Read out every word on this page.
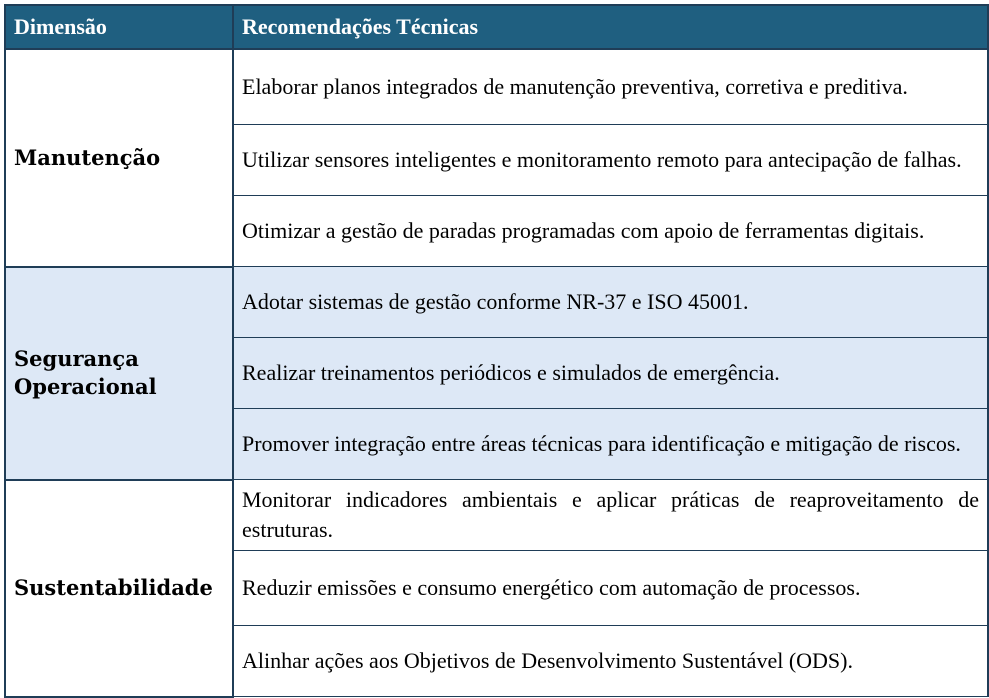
Dimensão	Recomendações Técnicas
Manutenção	Elaborar planos integrados de manutenção preventiva, corretiva e preditiva.
	Utilizar sensores inteligentes e monitoramento remoto para antecipação de falhas.
	Otimizar a gestão de paradas programadas com apoio de ferramentas digitais.
Segurança Operacional	Adotar sistemas de gestão conforme NR-37 e ISO 45001.
	Realizar treinamentos periódicos e simulados de emergência.
	Promover integração entre áreas técnicas para identificação e mitigação de riscos.
Sustentabilidade	Monitorar indicadores ambientais e aplicar práticas de reaproveitamento de estruturas.
	Reduzir emissões e consumo energético com automação de processos.
	Alinhar ações aos Objetivos de Desenvolvimento Sustentável (ODS).
